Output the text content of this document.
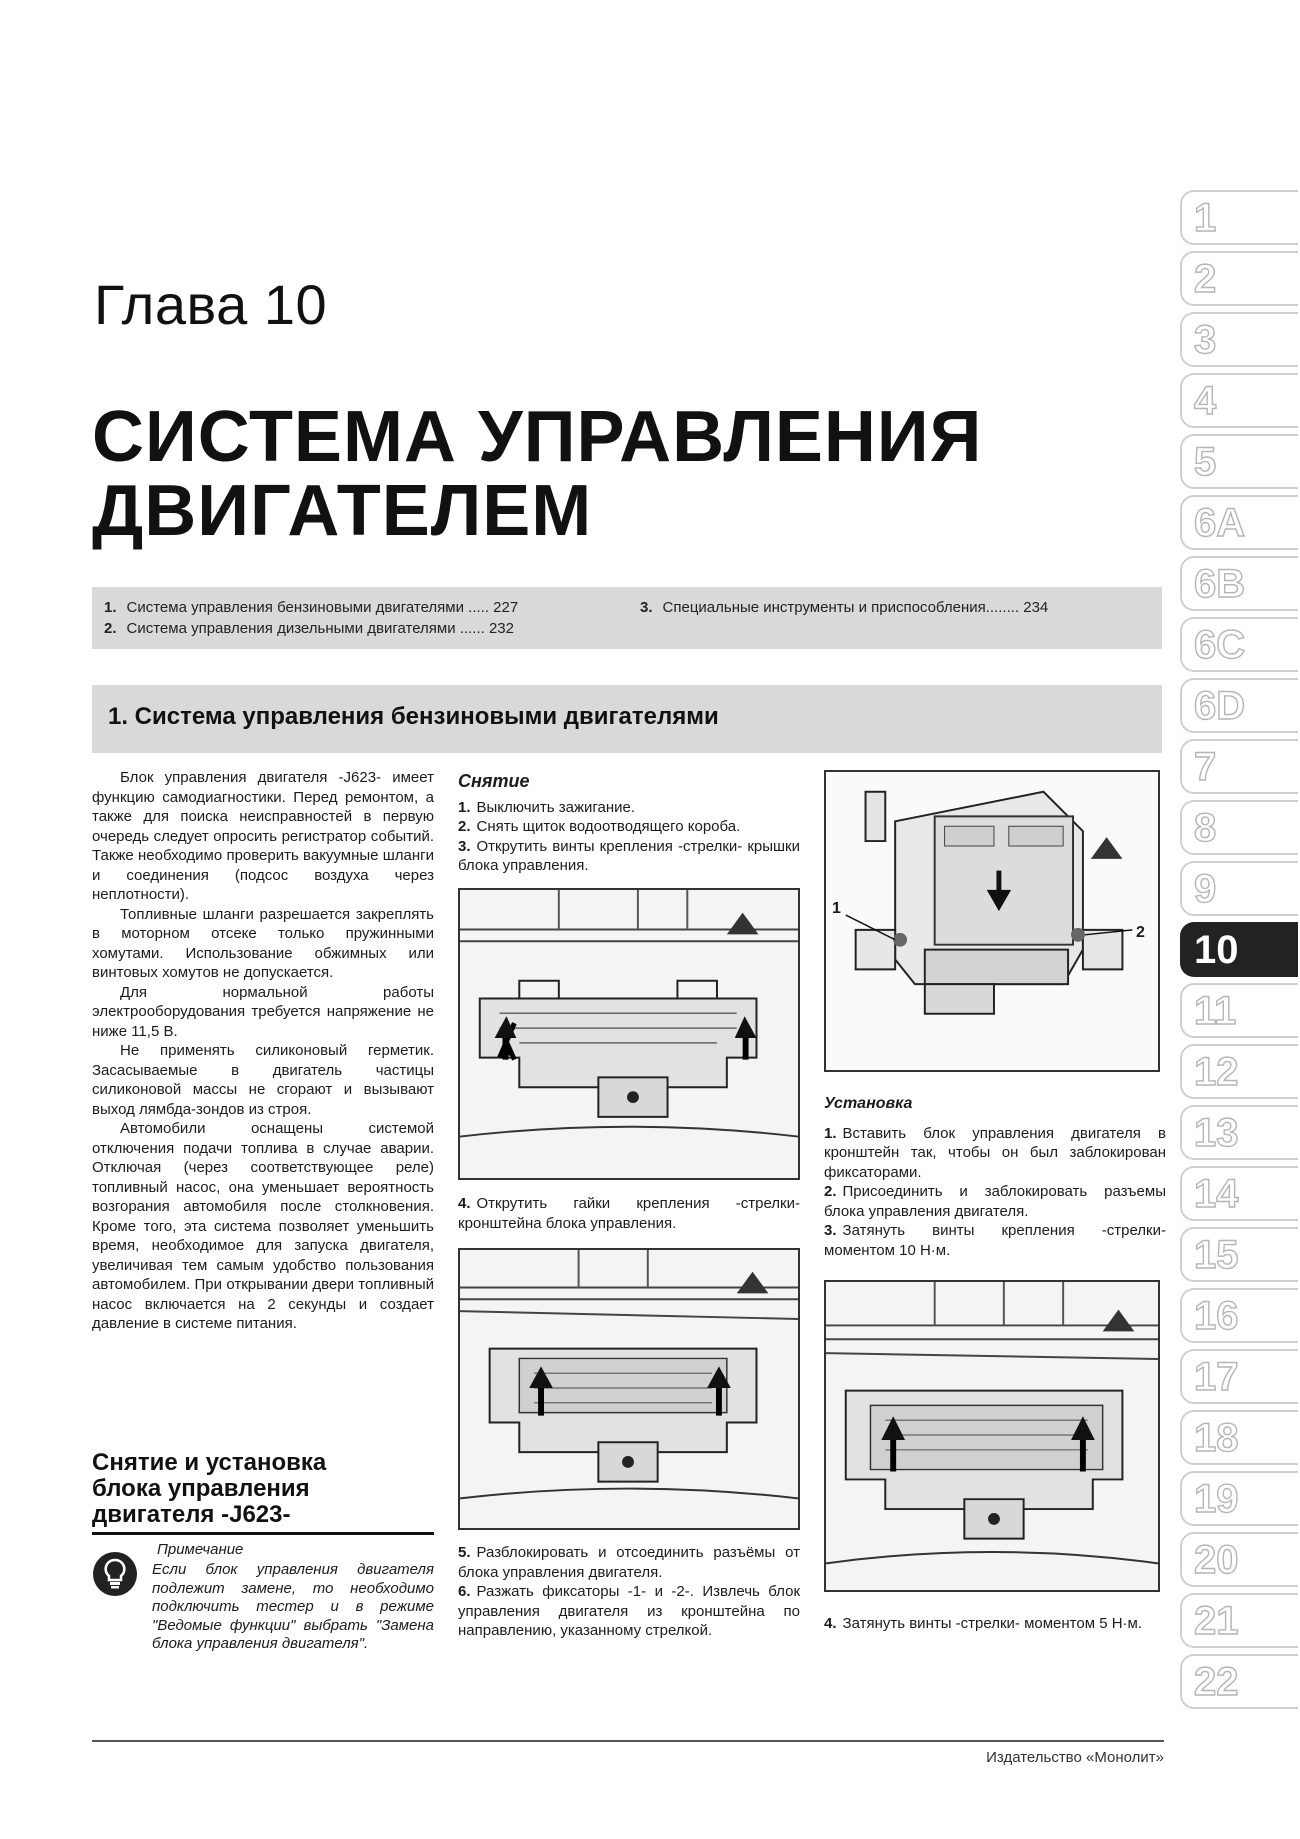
Глава 10
СИСТЕМА УПРАВЛЕНИЯ
ДВИГАТЕЛЕМ
1. Система управления бензиновыми двигателями ..... 227
2. Система управления дизельными двигателями ...... 232
3. Специальные инструменты и приспособления........ 234
1. Система управления бензиновыми двигателями

Блок управления двигателя -J623- имеет функцию самодиагностики. Перед ремонтом, а также для поиска неисправностей в первую очередь следует опросить регистратор событий. Также необходимо проверить вакуумные шланги и соединения (подсос воздуха через неплотности).

Топливные шланги разрешается закреплять в моторном отсеке только пружинными хомутами. Использование обжимных или винтовых хомутов не допускается.

Для нормальной работы электрооборудования требуется напряжение не ниже 11,5 В.

Не применять силиконовый герметик. Засасываемые в двигатель частицы силиконовой массы не сгорают и вызывают выход лямбда-зондов из строя.

Автомобили оснащены системой отключения подачи топлива в случае аварии. Отключая (через соответствующее реле) топливный насос, она уменьшает вероятность возгорания автомобиля после столкновения. Кроме того, эта система позволяет уменьшить время, необходимое для запуска двигателя, увеличивая тем самым удобство пользования автомобилем. При открывании двери топливный насос включается на 2 секунды и создает давление в системе питания.

Снятие и установка
блока управления
двигателя -J623-
Примечание
Если блок управления двигателя подлежит замене, то необходимо подключить тестер и в режиме "Ведомые функции" выбрать "Замена блока управления двигателя".
Снятие
1. Выключить зажигание.
2. Снять щиток водоотводящего короба.
3. Открутить винты крепления -стрелки- крышки блока управления.
4. Открутить гайки крепления -стрелки- кронштейна блока управления.
5. Разблокировать и отсоединить разъёмы от блока управления двигателя.
6. Разжать фиксаторы -1- и -2-. Извлечь блок управления двигателя из кронштейна по направлению, указанному стрелкой.
1
2
Установка
1. Вставить блок управления двигателя в кронштейн так, чтобы он был заблокирован фиксаторами.
2. Присоединить и заблокировать разъемы блока управления двигателя.
3. Затянуть винты крепления -стрелки- моментом 10 Н·м.
4. Затянуть винты -стрелки- моментом 5 Н·м.
1
2
3
4
5
6A
6B
6C
6D
7
8
9
10
11
12
13
14
15
16
17
18
19
20
21
22
Издательство «Монолит»
